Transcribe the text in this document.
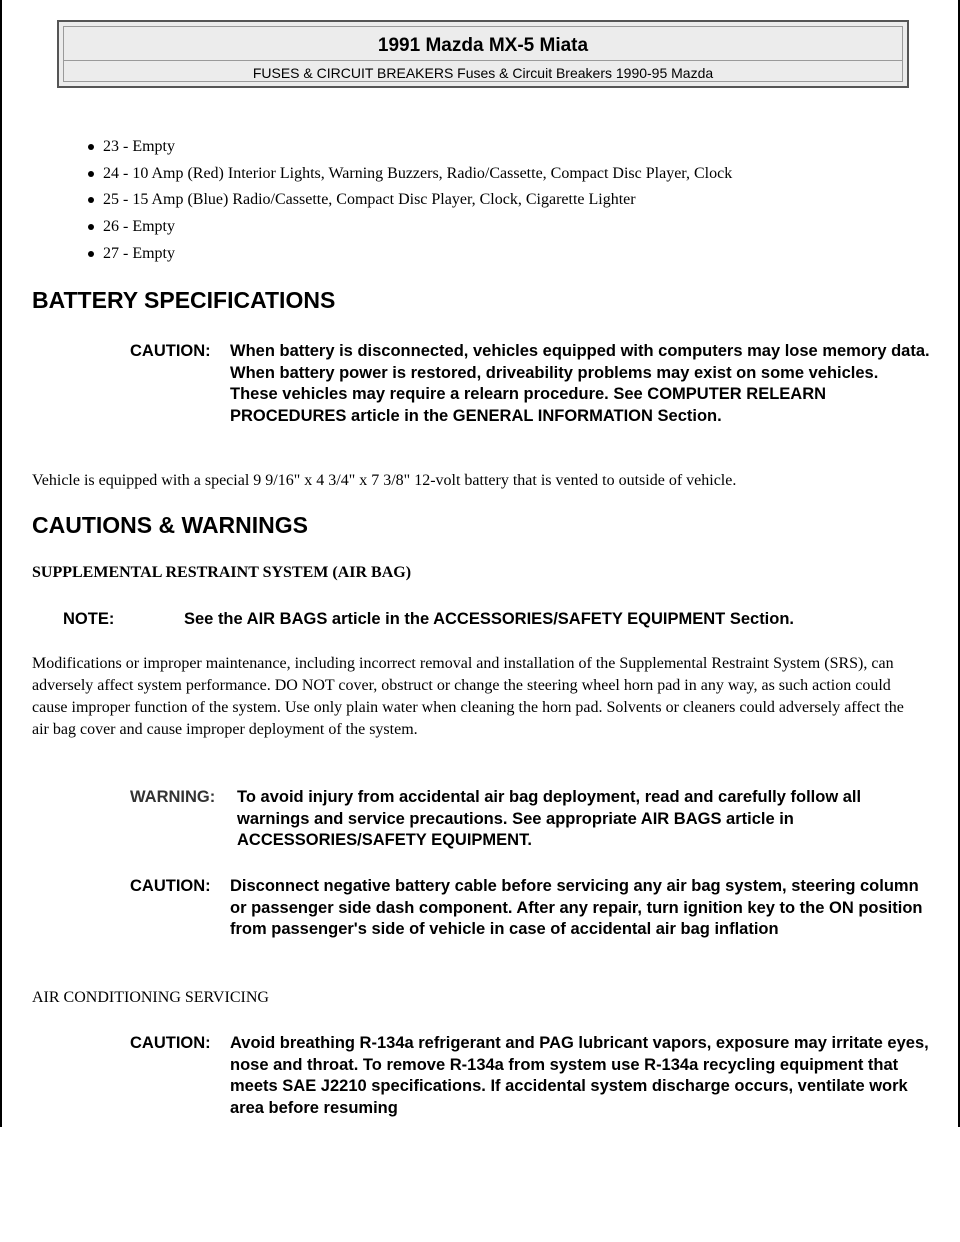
1991 Mazda MX-5 Miata
FUSES & CIRCUIT BREAKERS Fuses & Circuit Breakers 1990-95 Mazda
23 - Empty
24 - 10 Amp (Red) Interior Lights, Warning Buzzers, Radio/Cassette, Compact Disc Player, Clock
25 - 15 Amp (Blue) Radio/Cassette, Compact Disc Player, Clock, Cigarette Lighter
26 - Empty
27 - Empty
BATTERY SPECIFICATIONS
CAUTION: When battery is disconnected, vehicles equipped with computers may lose memory data. When battery power is restored, driveability problems may exist on some vehicles. These vehicles may require a relearn procedure. See COMPUTER RELEARN PROCEDURES article in the GENERAL INFORMATION Section.

Vehicle is equipped with a special 9 9/16" x 4 3/4" x 7 3/8" 12-volt battery that is vented to outside of vehicle.

CAUTIONS & WARNINGS
SUPPLEMENTAL RESTRAINT SYSTEM (AIR BAG)
NOTE:	See the AIR BAGS article in the ACCESSORIES/SAFETY EQUIPMENT Section.

Modifications or improper maintenance, including incorrect removal and installation of the Supplemental Restraint System (SRS), can adversely affect system performance. DO NOT cover, obstruct or change the steering wheel horn pad in any way, as such action could cause improper function of the system. Use only plain water when cleaning the horn pad. Solvents or cleaners could adversely affect the air bag cover and cause improper deployment of the system.

WARNING: To avoid injury from accidental air bag deployment, read and carefully follow all warnings and service precautions. See appropriate AIR BAGS article in ACCESSORIES/SAFETY EQUIPMENT.
CAUTION: Disconnect negative battery cable before servicing any air bag system, steering column or passenger side dash component. After any repair, turn ignition key to the ON position from passenger's side of vehicle in case of accidental air bag inflation
AIR CONDITIONING SERVICING
CAUTION: Avoid breathing R-134a refrigerant and PAG lubricant vapors, exposure may irritate eyes, nose and throat. To remove R-134a from system use R-134a recycling equipment that meets SAE J2210 specifications. If accidental system discharge occurs, ventilate work area before resuming
